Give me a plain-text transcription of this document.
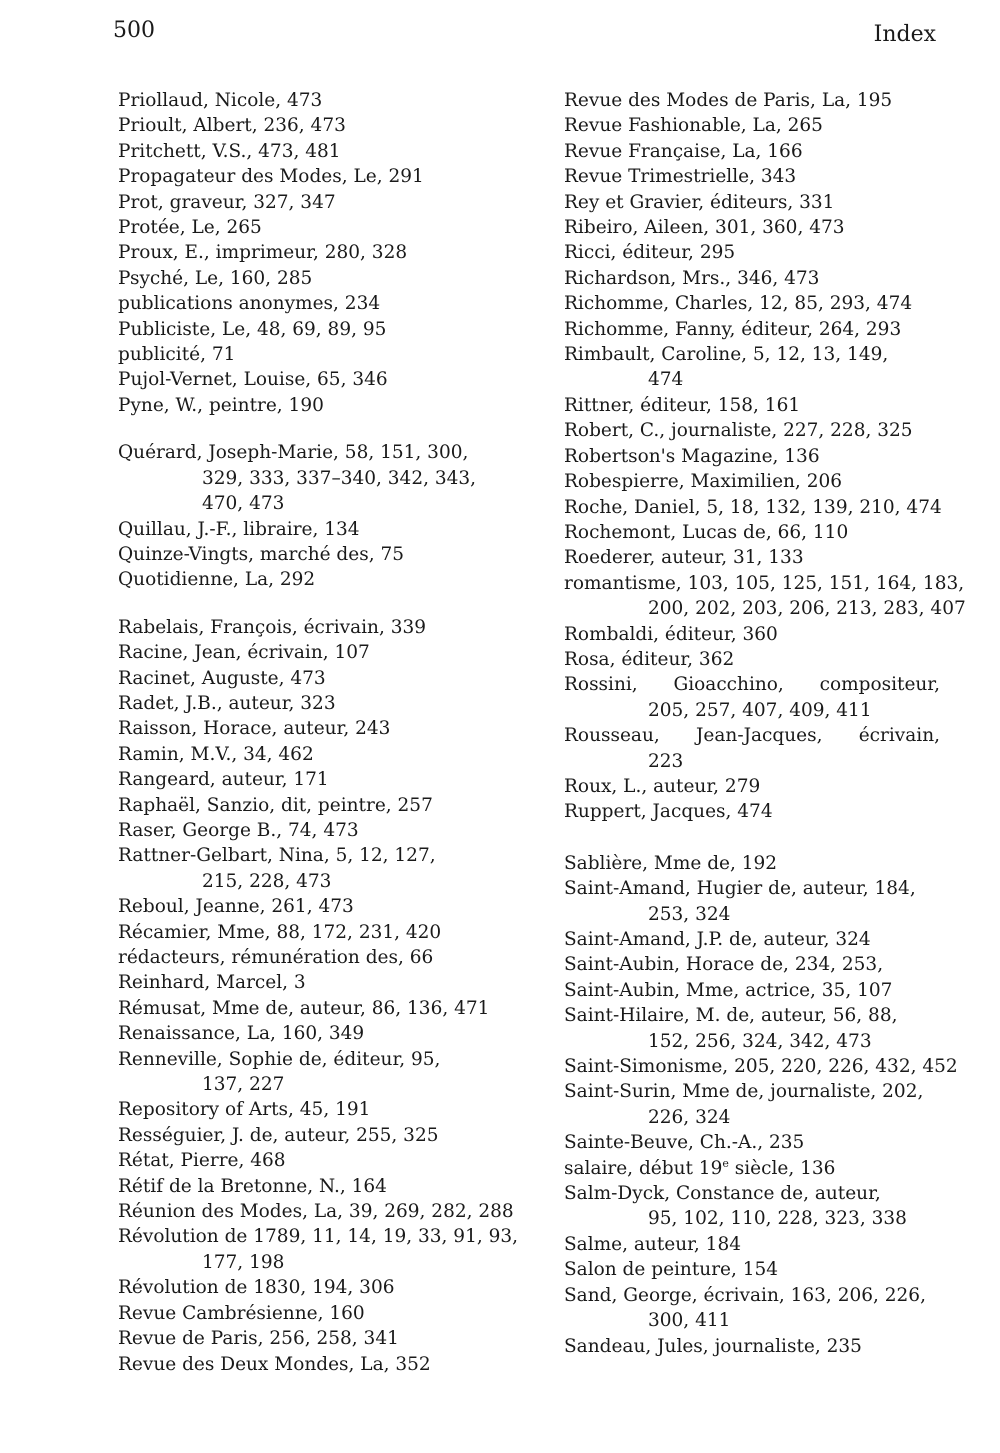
500	Index
Priollaud, Nicole, 473
Prioult, Albert, 236, 473
Pritchett, V.S., 473, 481
Propagateur des Modes, Le, 291
Prot, graveur, 327, 347
Protée, Le, 265
Proux, E., imprimeur, 280, 328
Psyché, Le, 160, 285
publications anonymes, 234
Publiciste, Le, 48, 69, 89, 95
publicité, 71
Pujol-Vernet, Louise, 65, 346
Pyne, W., peintre, 190
Quérard, Joseph-Marie, 58, 151, 300,
329, 333, 337–340, 342, 343,
470, 473
Quillau, J.-F., libraire, 134
Quinze-Vingts, marché des, 75
Quotidienne, La, 292
Rabelais, François, écrivain, 339
Racine, Jean, écrivain, 107
Racinet, Auguste, 473
Radet, J.B., auteur, 323
Raisson, Horace, auteur, 243
Ramin, M.V., 34, 462
Rangeard, auteur, 171
Raphaël, Sanzio, dit, peintre, 257
Raser, George B., 74, 473
Rattner-Gelbart, Nina, 5, 12, 127,
215, 228, 473
Reboul, Jeanne, 261, 473
Récamier, Mme, 88, 172, 231, 420
rédacteurs, rémunération des, 66
Reinhard, Marcel, 3
Rémusat, Mme de, auteur, 86, 136, 471
Renaissance, La, 160, 349
Renneville, Sophie de, éditeur, 95,
137, 227
Repository of Arts, 45, 191
Rességuier, J. de, auteur, 255, 325
Rétat, Pierre, 468
Rétif de la Bretonne, N., 164
Réunion des Modes, La, 39, 269, 282, 288
Révolution de 1789, 11, 14, 19, 33, 91, 93,
177, 198
Révolution de 1830, 194, 306
Revue Cambrésienne, 160
Revue de Paris, 256, 258, 341
Revue des Deux Mondes, La, 352
Revue des Modes de Paris, La, 195
Revue Fashionable, La, 265
Revue Française, La, 166
Revue Trimestrielle, 343
Rey et Gravier, éditeurs, 331
Ribeiro, Aileen, 301, 360, 473
Ricci, éditeur, 295
Richardson, Mrs., 346, 473
Richomme, Charles, 12, 85, 293, 474
Richomme, Fanny, éditeur, 264, 293
Rimbault, Caroline, 5, 12, 13, 149,
474
Rittner, éditeur, 158, 161
Robert, C., journaliste, 227, 228, 325
Robertson's Magazine, 136
Robespierre, Maximilien, 206
Roche, Daniel, 5, 18, 132, 139, 210, 474
Rochemont, Lucas de, 66, 110
Roederer, auteur, 31, 133
romantisme, 103, 105, 125, 151, 164, 183,
200, 202, 203, 206, 213, 283, 407
Rombaldi, éditeur, 360
Rosa, éditeur, 362
Rossini, Gioacchino, compositeur,
205, 257, 407, 409, 411
Rousseau, Jean-Jacques, écrivain,
223
Roux, L., auteur, 279
Ruppert, Jacques, 474
Sablière, Mme de, 192
Saint-Amand, Hugier de, auteur, 184,
253, 324
Saint-Amand, J.P. de, auteur, 324
Saint-Aubin, Horace de, 234, 253,
Saint-Aubin, Mme, actrice, 35, 107
Saint-Hilaire, M. de, auteur, 56, 88,
152, 256, 324, 342, 473
Saint-Simonisme, 205, 220, 226, 432, 452
Saint-Surin, Mme de, journaliste, 202,
226, 324
Sainte-Beuve, Ch.-A., 235
salaire, début 19e siècle, 136
Salm-Dyck, Constance de, auteur,
95, 102, 110, 228, 323, 338
Salme, auteur, 184
Salon de peinture, 154
Sand, George, écrivain, 163, 206, 226,
300, 411
Sandeau, Jules, journaliste, 235
